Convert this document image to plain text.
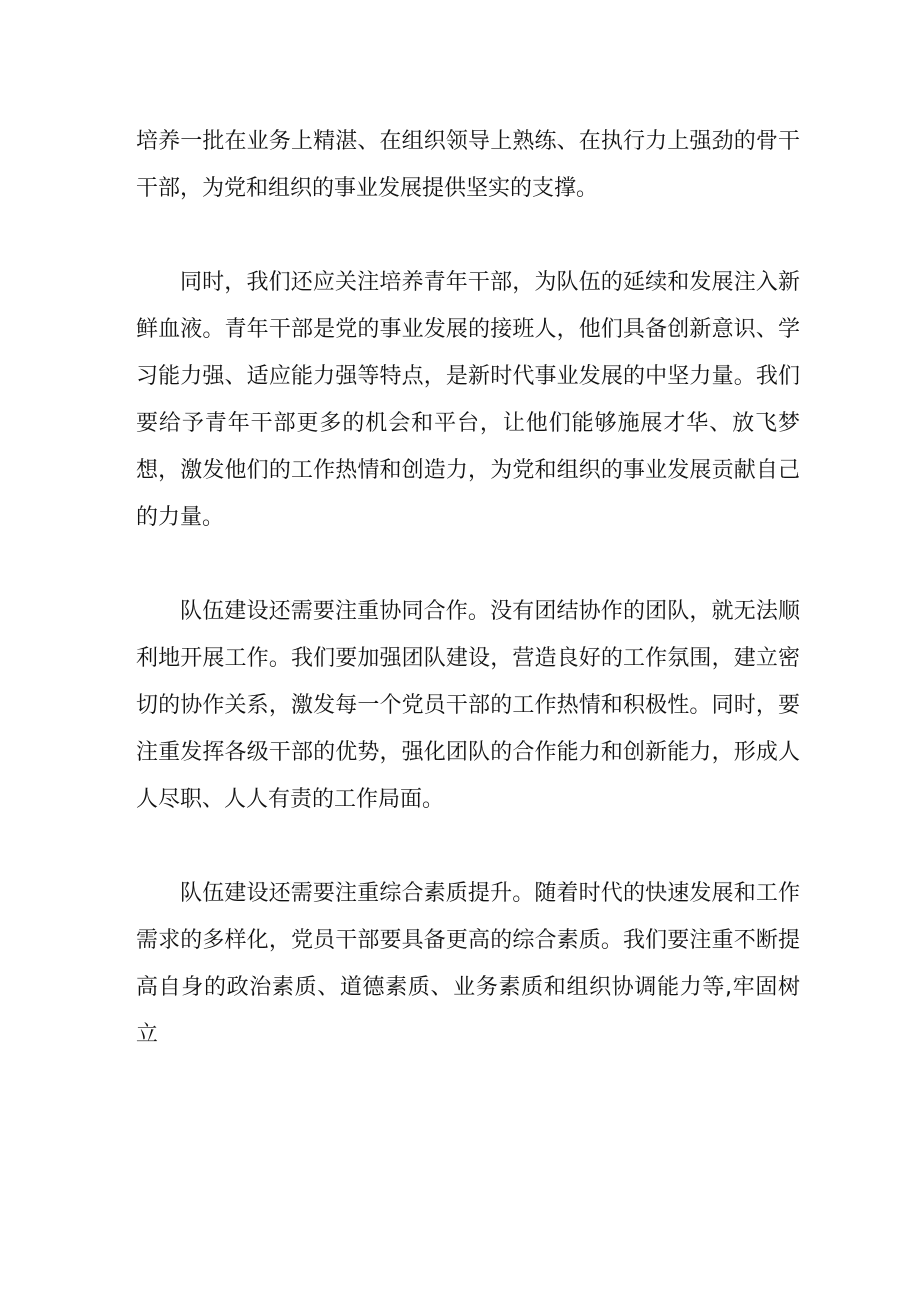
培养一批在业务上精湛、在组织领导上熟练、在执行力上强劲的骨干干部，为党和组织的事业发展提供坚实的支撑。

同时，我们还应关注培养青年干部，为队伍的延续和发展注入新鲜血液。青年干部是党的事业发展的接班人，他们具备创新意识、学习能力强、适应能力强等特点，是新时代事业发展的中坚力量。我们要给予青年干部更多的机会和平台，让他们能够施展才华、放飞梦想，激发他们的工作热情和创造力，为党和组织的事业发展贡献自己的力量。

队伍建设还需要注重协同合作。没有团结协作的团队，就无法顺利地开展工作。我们要加强团队建设，营造良好的工作氛围，建立密切的协作关系，激发每一个党员干部的工作热情和积极性。同时，要注重发挥各级干部的优势，强化团队的合作能力和创新能力，形成人人尽职、人人有责的工作局面。

队伍建设还需要注重综合素质提升。随着时代的快速发展和工作需求的多样化，党员干部要具备更高的综合素质。我们要注重不断提高自身的政治素质、道德素质、业务素质和组织协调能力等,牢固树立
